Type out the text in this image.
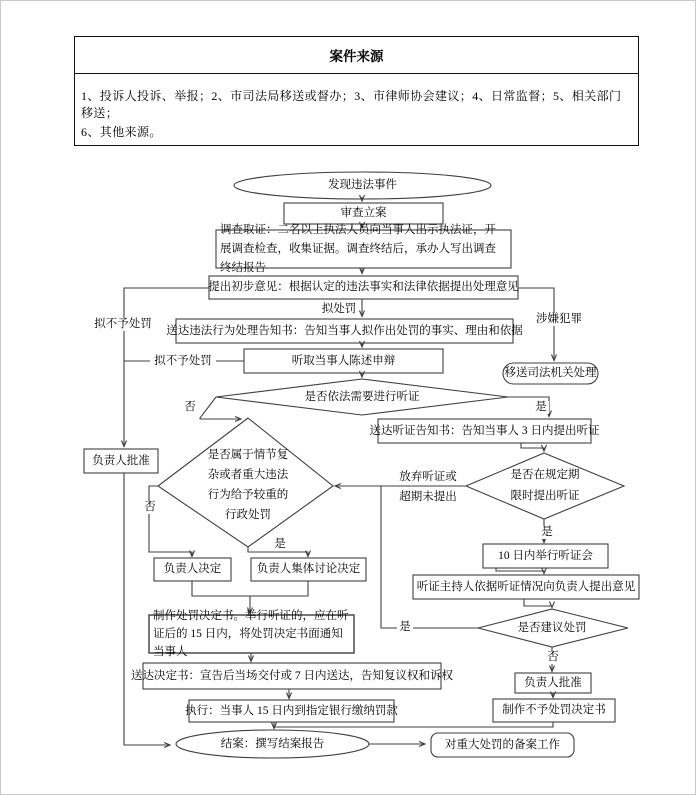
案件来源
1、投诉人投诉、举报；2、市司法局移送或督办；3、市律师协会建议；4、日常监督；5、相关部门移送；
6、其他来源。
发现违法事件
审查立案
调查取证：二名以上执法人员向当事人出示执法证，开展调查检查，收集证据。调查终结后，承办人写出调查终结报告
提出初步意见：根据认定的违法事实和法律依据提出处理意见
送达违法行为处理告知书：告知当事人拟作出处罚的事实、理由和依据
听取当事人陈述申辩
移送司法机关处理
是否依法需要进行听证
负责人批准	是否属于情节复杂或者重大违法行为给予较重的行政处罚
送达听证告知书：告知当事人 3 日内提出听证
是否在规定期限时提出听证
10 日内举行听证会
听证主持人依据听证情况向负责人提出意见
是否建议处罚
负责人批准
制作不予处罚决定书
负责人决定	负责人集体讨论决定
制作处罚决定书。举行听证的，应在听证后的 15 日内，将处罚决定书面通知当事人
送达决定书：宣告后当场交付或 7 日内送达，告知复议权和诉权
执行：当事人 15 日内到指定银行缴纳罚款
结案：撰写结案报告	对重大处罚的备案工作
拟处罚
拟不予处罚
拟不予处罚
涉嫌犯罪
否	是
否
是
放弃听证或
超期未提出
是
是
否
